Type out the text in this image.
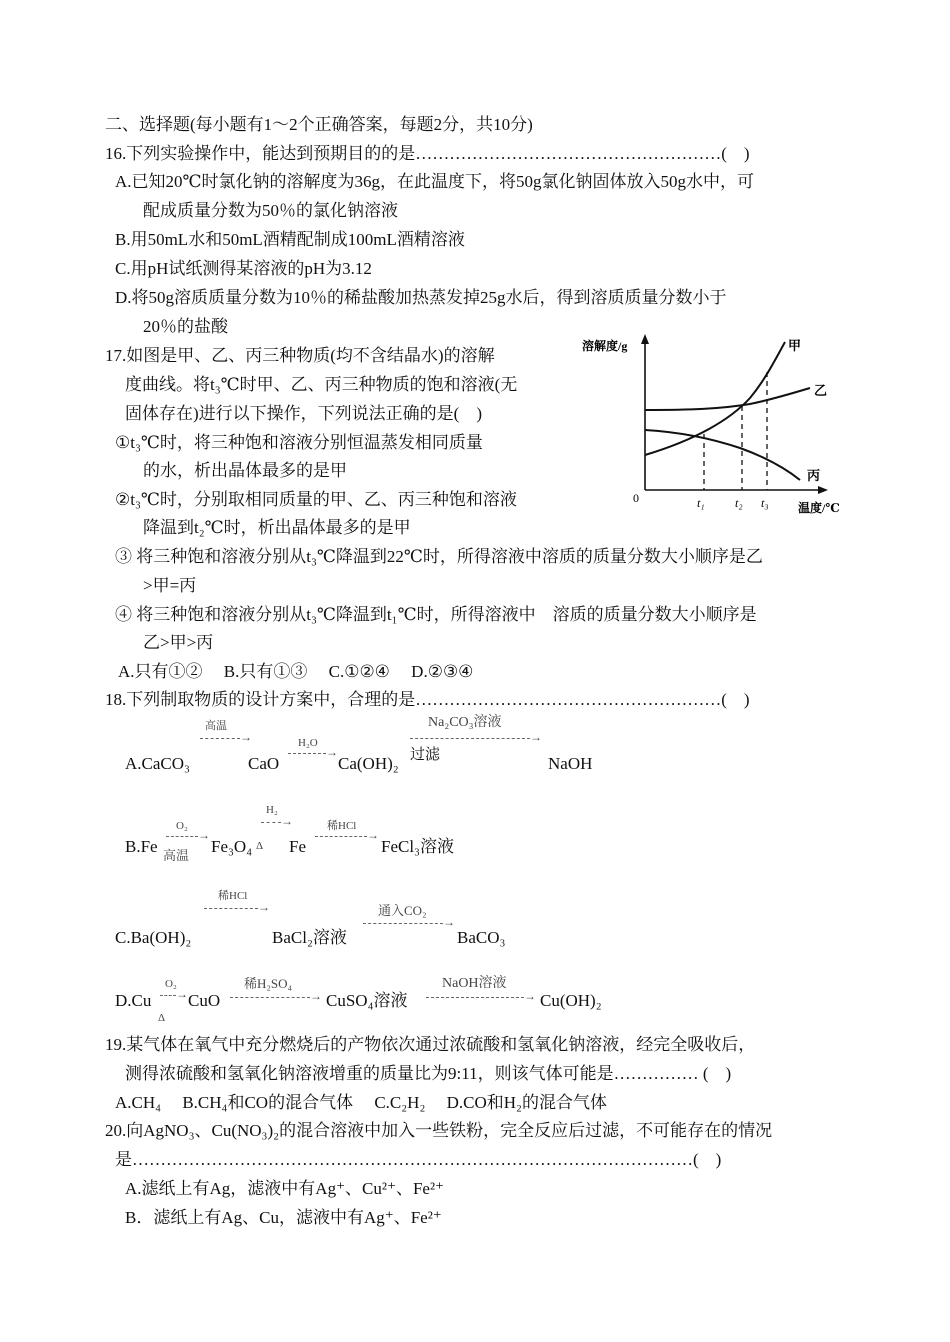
二、选择题(每小题有1～2个正确答案，每题2分，共10分)
16.下列实验操作中，能达到预期目的的是………………………………………………(　)
A.已知20℃时氯化钠的溶解度为36g，在此温度下，将50g氯化钠固体放入50g水中，可
配成质量分数为50％的氯化钠溶液
B.用50mL水和50mL酒精配制成100mL酒精溶液
C.用pH试纸测得某溶液的pH为3.12
D.将50g溶质质量分数为10％的稀盐酸加热蒸发掉25g水后，得到溶质质量分数小于
20％的盐酸
17.如图是甲、乙、丙三种物质(均不含结晶水)的溶解
度曲线。将t₃℃时甲、乙、丙三种物质的饱和溶液(无
固体存在)进行以下操作，下列说法正确的是(　)
①t₃℃时，将三种饱和溶液分别恒温蒸发相同质量
的水，析出晶体最多的是甲
②t₃℃时，分别取相同质量的甲、乙、丙三种饱和溶液
降温到t₂℃时，析出晶体最多的是甲
③ 将三种饱和溶液分别从t₃℃降温到22℃时，所得溶液中溶质的质量分数大小顺序是乙
>甲=丙
④ 将三种饱和溶液分别从t₃℃降温到t₁℃时，所得溶液中　溶质的质量分数大小顺序是
乙>甲>丙
A.只有①②　 B.只有①③　 C.①②④　 D.②③④
溶解度/g
温度/℃
0	t₁	t₂ t₃
甲
乙
丙
18.下列制取物质的设计方案中，合理的是………………………………………………(　)
A.CaCO₃
高温
→
CaO
H₂O
→
Ca(OH)₂
Na₂CO₃溶液
→
过滤	NaOH
B.Fe
O₂
→
高温 Fe₃O₄
H₂
→
Δ Fe
稀HCl
→
FeCl₃溶液
C.Ba(OH)₂
稀HCl
→
BaCl₂溶液
通入CO₂
→
BaCO₃
D.Cu
O₂
→
Δ
CuO
稀H₂SO₄
→ CuSO₄溶液
NaOH溶液
→ Cu(OH)₂
19.某气体在氧气中充分燃烧后的产物依次通过浓硫酸和氢氧化钠溶液，经完全吸收后，
测得浓硫酸和氢氧化钠溶液增重的质量比为9:11，则该气体可能是…………… (　)
A.CH₄　 B.CH₄和CO的混合气体　 C.C₂H₂　 D.CO和H₂的混合气体
20.向AgNO₃、Cu(NO₃)₂的混合溶液中加入一些铁粉，完全反应后过滤，不可能存在的情况
是………………………………………………………………………………………(　)
A.滤纸上有Ag，滤液中有Ag⁺、Cu²⁺、Fe²⁺
B．滤纸上有Ag、Cu，滤液中有Ag⁺、Fe²⁺
